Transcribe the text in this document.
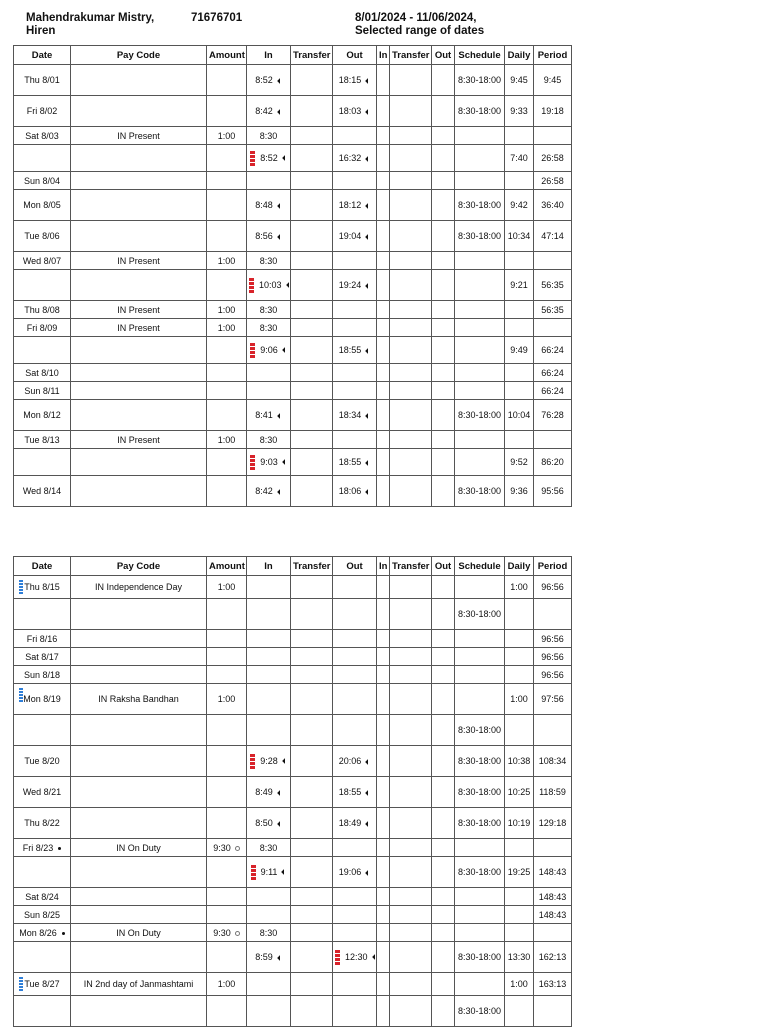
Mahendrakumar Mistry, Hiren
71676701	8/01/2024 - 11/06/2024,
Selected range of dates
Date	Pay Code	Amount	In	Transfer	Out	In	Transfer	Out	Schedule	Daily	Period
Thu 8/01			8:52		18:15				8:30-18:00	9:45	9:45
Fri 8/02			8:42		18:03				8:30-18:00	9:33	19:18
Sat 8/03	IN Present	1:00	8:30								
			8:52		16:32					7:40	26:58
Sun 8/04											26:58
Mon 8/05			8:48		18:12				8:30-18:00	9:42	36:40
Tue 8/06			8:56		19:04				8:30-18:00	10:34	47:14
Wed 8/07	IN Present	1:00	8:30								
			10:03		19:24					9:21	56:35
Thu 8/08	IN Present	1:00	8:30								56:35
Fri 8/09	IN Present	1:00	8:30								
			9:06		18:55					9:49	66:24
Sat 8/10											66:24
Sun 8/11											66:24
Mon 8/12			8:41		18:34				8:30-18:00	10:04	76:28
Tue 8/13	IN Present	1:00	8:30								
			9:03		18:55					9:52	86:20
Wed 8/14			8:42		18:06				8:30-18:00	9:36	95:56
Date	Pay Code	Amount	In	Transfer	Out	In	Transfer	Out	Schedule	Daily	Period

Thu 8/15	IN Independence Day	1:00								1:00	96:56
									8:30-18:00		
Fri 8/16											96:56
Sat 8/17											96:56
Sun 8/18											96:56

Mon 8/19	IN Raksha Bandhan	1:00								1:00	97:56
									8:30-18:00		
Tue 8/20			9:28		20:06				8:30-18:00	10:38	108:34
Wed 8/21			8:49		18:55				8:30-18:00	10:25	118:59
Thu 8/22			8:50		18:49				8:30-18:00	10:19	129:18
Fri 8/23	IN On Duty	9:30	8:30								
			9:11		19:06				8:30-18:00	19:25	148:43
Sat 8/24											148:43
Sun 8/25											148:43
Mon 8/26	IN On Duty	9:30	8:30								
			8:59		12:30				8:30-18:00	13:30	162:13

Tue 8/27	IN 2nd day of Janmashtami	1:00								1:00	163:13
									8:30-18:00		
